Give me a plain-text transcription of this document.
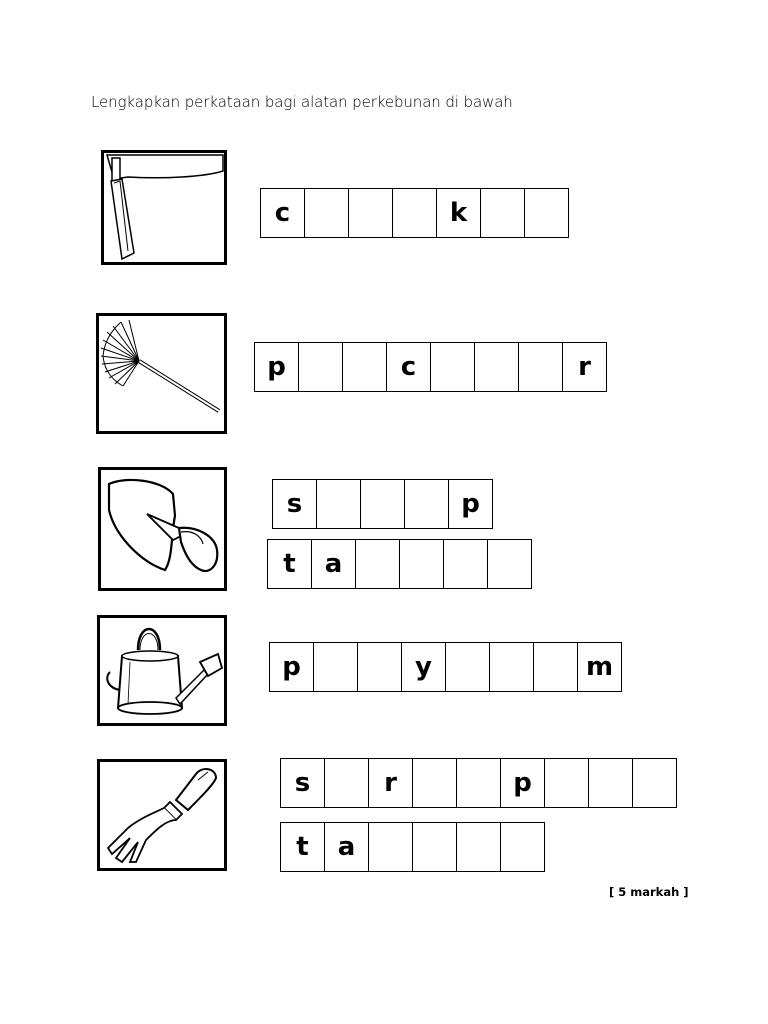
Lengkapkan perkataan bagi alatan perkebunan di bawah
c	k
p	c	r
s	p
t	a
p	y	m
s	r	p
t	a
[ 5 markah ]
